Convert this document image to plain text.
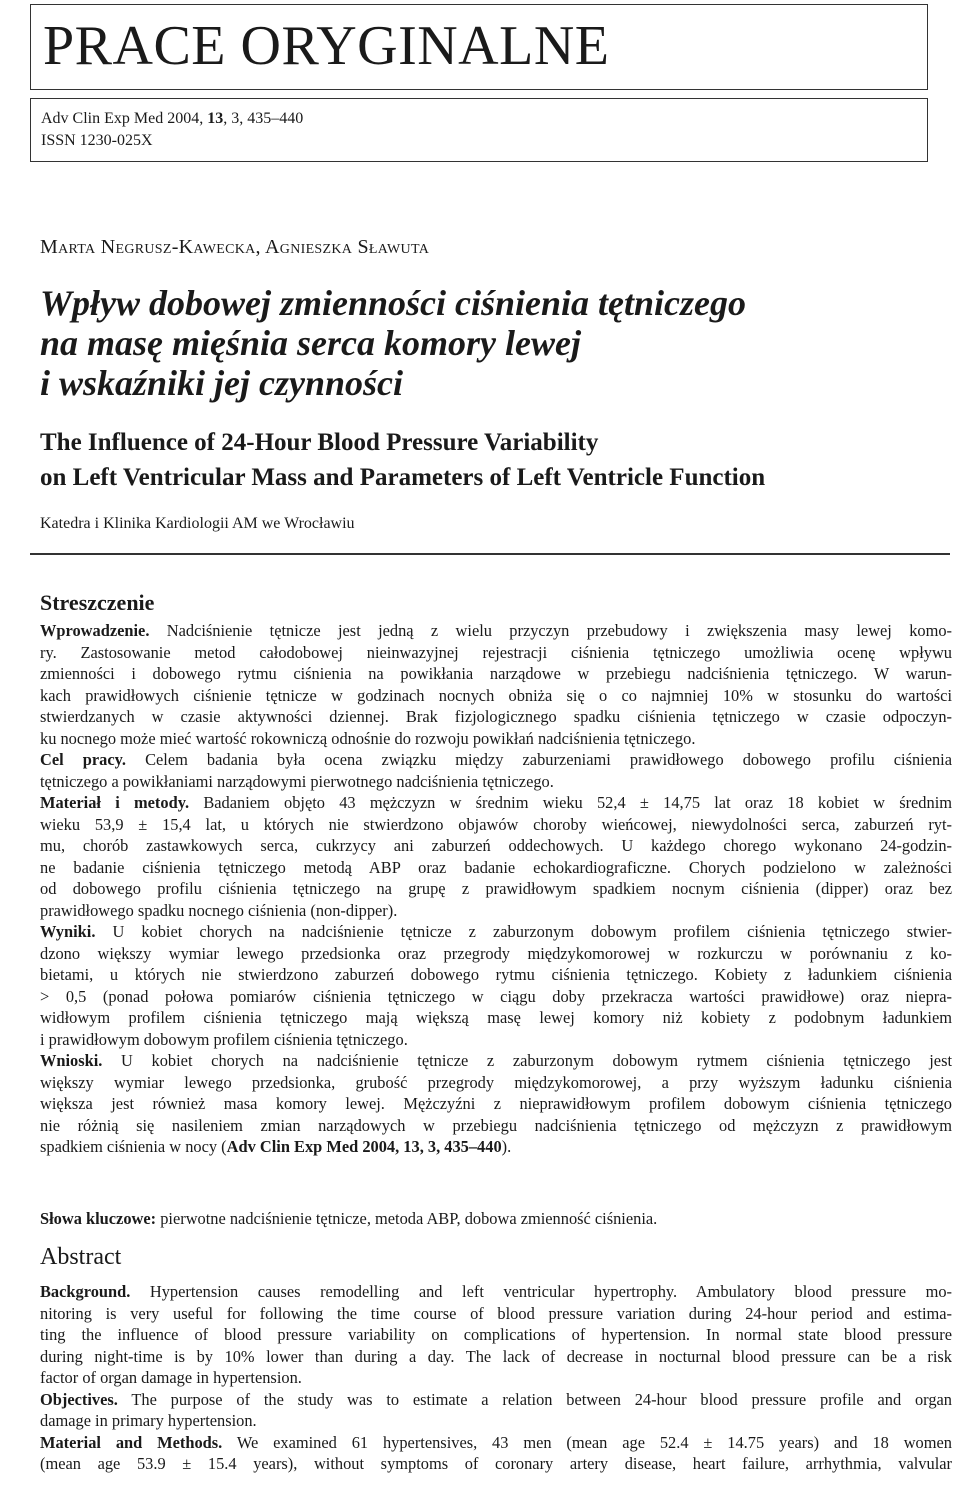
PRACE ORYGINALNE
Adv Clin Exp Med 2004, 13, 3, 435–440
ISSN 1230-025X
Marta Negrusz-Kawecka, Agnieszka Sławuta
Wpływ dobowej zmienności ciśnienia tętniczego
na masę mięśnia serca komory lewej
i wskaźniki jej czynności
The Influence of 24-Hour Blood Pressure Variability
on Left Ventricular Mass and Parameters of Left Ventricle Function
Katedra i Klinika Kardiologii AM we Wrocławiu
Streszczenie
Wprowadzenie. Nadciśnienie tętnicze jest jedną z wielu przyczyn przebudowy i zwiększenia masy lewej komo-
ry. Zastosowanie metod całodobowej nieinwazyjnej rejestracji ciśnienia tętniczego umożliwia ocenę wpływu
zmienności i dobowego rytmu ciśnienia na powikłania narządowe w przebiegu nadciśnienia tętniczego. W warun-
kach prawidłowych ciśnienie tętnicze w godzinach nocnych obniża się o co najmniej 10% w stosunku do wartości
stwierdzanych w czasie aktywności dziennej. Brak fizjologicznego spadku ciśnienia tętniczego w czasie odpoczyn-
ku nocnego może mieć wartość rokowniczą odnośnie do rozwoju powikłań nadciśnienia tętniczego.
Cel pracy. Celem badania była ocena związku między zaburzeniami prawidłowego dobowego profilu ciśnienia
tętniczego a powikłaniami narządowymi pierwotnego nadciśnienia tętniczego.
Materiał i metody. Badaniem objęto 43 mężczyzn w średnim wieku 52,4 ± 14,75 lat oraz 18 kobiet w średnim
wieku 53,9 ± 15,4 lat, u których nie stwierdzono objawów choroby wieńcowej, niewydolności serca, zaburzeń ryt-
mu, chorób zastawkowych serca, cukrzycy ani zaburzeń oddechowych. U każdego chorego wykonano 24-godzin-
ne badanie ciśnienia tętniczego metodą ABP oraz badanie echokardiograficzne. Chorych podzielono w zależności
od dobowego profilu ciśnienia tętniczego na grupę z prawidłowym spadkiem nocnym ciśnienia (dipper) oraz bez
prawidłowego spadku nocnego ciśnienia (non-dipper).
Wyniki. U kobiet chorych na nadciśnienie tętnicze z zaburzonym dobowym profilem ciśnienia tętniczego stwier-
dzono większy wymiar lewego przedsionka oraz przegrody międzykomorowej w rozkurczu w porównaniu z ko-
bietami, u których nie stwierdzono zaburzeń dobowego rytmu ciśnienia tętniczego. Kobiety z ładunkiem ciśnienia
> 0,5 (ponad połowa pomiarów ciśnienia tętniczego w ciągu doby przekracza wartości prawidłowe) oraz niepra-
widłowym profilem ciśnienia tętniczego mają większą masę lewej komory niż kobiety z podobnym ładunkiem
i prawidłowym dobowym profilem ciśnienia tętniczego.
Wnioski. U kobiet chorych na nadciśnienie tętnicze z zaburzonym dobowym rytmem ciśnienia tętniczego jest
większy wymiar lewego przedsionka, grubość przegrody międzykomorowej, a przy wyższym ładunku ciśnienia
większa jest również masa komory lewej. Mężczyźni z nieprawidłowym profilem dobowym ciśnienia tętniczego
nie różnią się nasileniem zmian narządowych w przebiegu nadciśnienia tętniczego od mężczyzn z prawidłowym
spadkiem ciśnienia w nocy (Adv Clin Exp Med 2004, 13, 3, 435–440).
Słowa kluczowe: pierwotne nadciśnienie tętnicze, metoda ABP, dobowa zmienność ciśnienia.
Abstract
Background. Hypertension causes remodelling and left ventricular hypertrophy. Ambulatory blood pressure mo-
nitoring is very useful for following the time course of blood pressure variation during 24-hour period and estima-
ting the influence of blood pressure variability on complications of hypertension. In normal state blood pressure
during night-time is by 10% lower than during a day. The lack of decrease in nocturnal blood pressure can be a risk
factor of organ damage in hypertension.
Objectives. The purpose of the study was to estimate a relation between 24-hour blood pressure profile and organ
damage in primary hypertension.
Material and Methods. We examined 61 hypertensives, 43 men (mean age 52.4 ± 14.75 years) and 18 women
(mean age 53.9 ± 15.4 years), without symptoms of coronary artery disease, heart failure, arrhythmia, valvular
